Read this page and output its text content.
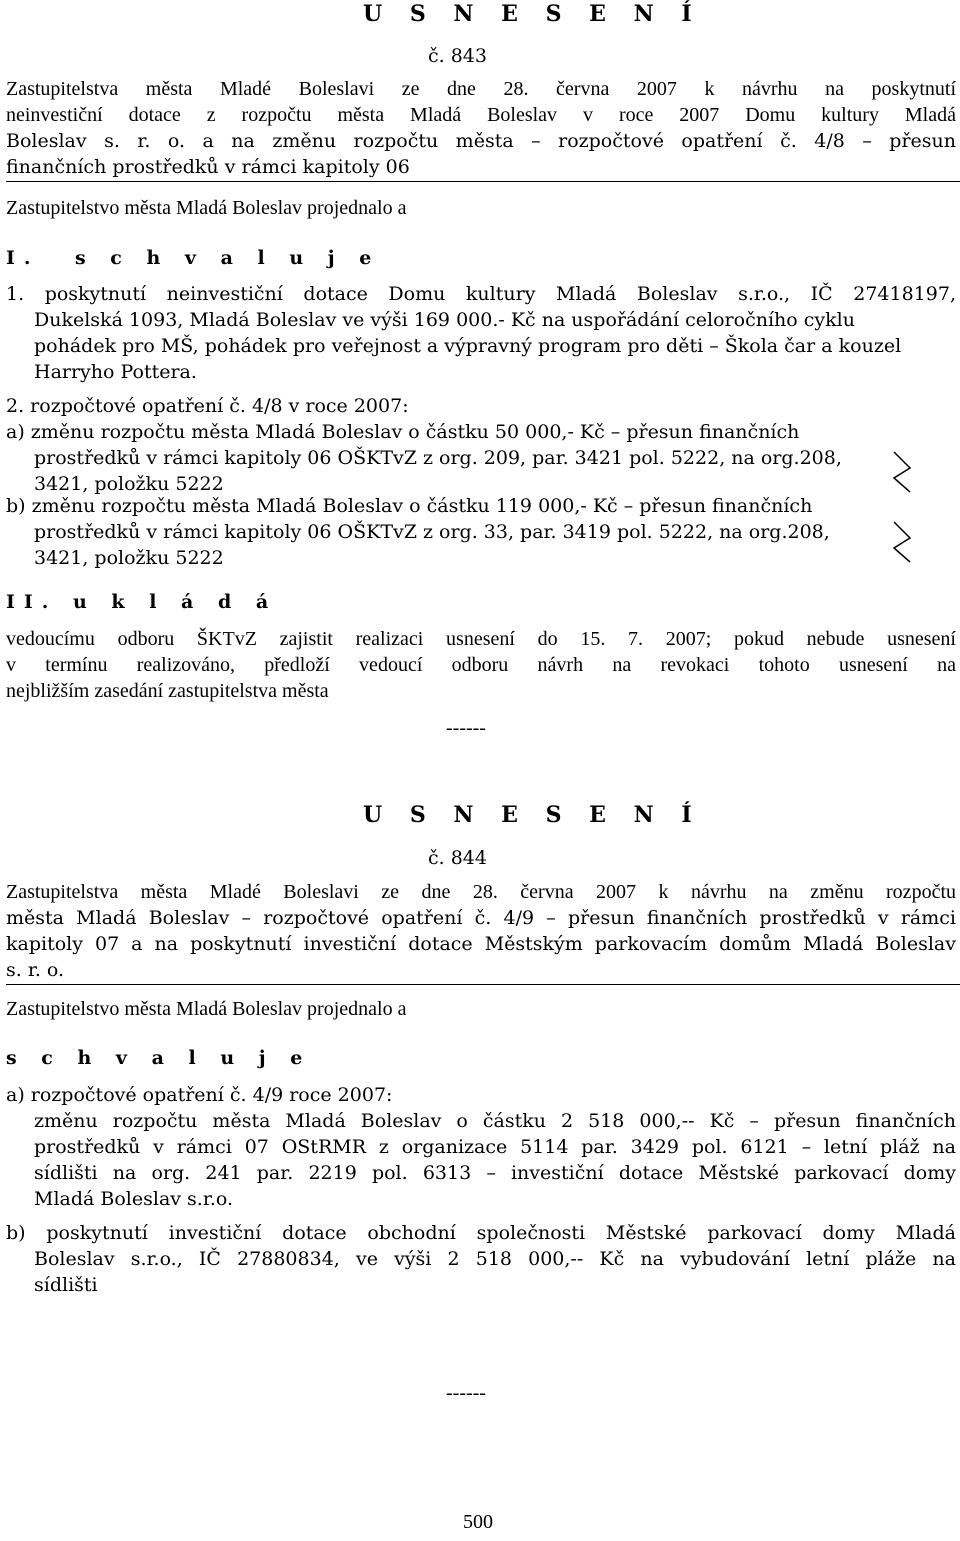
U S N E S E N Í
č. 843
Zastupitelstva města Mladé Boleslavi ze dne 28. června 2007 k návrhu na poskytnutí
neinvestiční dotace z rozpočtu města Mladá Boleslav v roce 2007 Domu kultury Mladá
Boleslav s. r. o. a na změnu rozpočtu města – rozpočtové opatření č. 4/8 – přesun
finančních prostředků v rámci kapitoly 06
Zastupitelstvo města Mladá Boleslav projednalo a
I.	s c h v a l u j e
1. poskytnutí neinvestiční dotace Domu kultury Mladá Boleslav s.r.o., IČ 27418197,
Dukelská 1093, Mladá Boleslav ve výši 169 000.- Kč na uspořádání celoročního cyklu
pohádek pro MŠ, pohádek pro veřejnost a výpravný program pro děti – Škola čar a kouzel
Harryho Pottera.
2. rozpočtové opatření č. 4/8 v roce 2007:
a) změnu rozpočtu města Mladá Boleslav o částku 50 000,- Kč – přesun finančních
prostředků v rámci kapitoly 06 OŠKTvZ z org. 209, par. 3421 pol. 5222, na org.208,
3421, položku 5222
b) změnu rozpočtu města Mladá Boleslav o částku 119 000,- Kč – přesun finančních
prostředků v rámci kapitoly 06 OŠKTvZ z org. 33, par. 3419 pol. 5222, na org.208,
3421, položku 5222
II. u k l á d á
vedoucímu odboru ŠKTvZ zajistit realizaci usnesení do 15. 7. 2007; pokud nebude usnesení
v termínu realizováno, předloží vedoucí odboru návrh na revokaci tohoto usnesení na
nejbližším zasedání zastupitelstva města
------
U S N E S E N Í
č. 844
Zastupitelstva města Mladé Boleslavi ze dne 28. června 2007 k návrhu na změnu rozpočtu
města Mladá Boleslav – rozpočtové opatření č. 4/9 – přesun finančních prostředků v rámci
kapitoly 07 a na poskytnutí investiční dotace Městským parkovacím domům Mladá Boleslav
s. r. o.
Zastupitelstvo města Mladá Boleslav projednalo a
s c h v a l u j e
a) rozpočtové opatření č. 4/9 roce 2007:
změnu rozpočtu města Mladá Boleslav o částku 2 518 000,-- Kč – přesun finančních
prostředků v rámci 07 OStRMR z organizace 5114 par. 3429 pol. 6121 – letní pláž na
sídlišti na org. 241 par. 2219 pol. 6313 – investiční dotace Městské parkovací domy
Mladá Boleslav s.r.o.
b) poskytnutí investiční dotace obchodní společnosti Městské parkovací domy Mladá
Boleslav s.r.o., IČ 27880834, ve výši 2 518 000,-- Kč na vybudování letní pláže na
sídlišti
------
500
